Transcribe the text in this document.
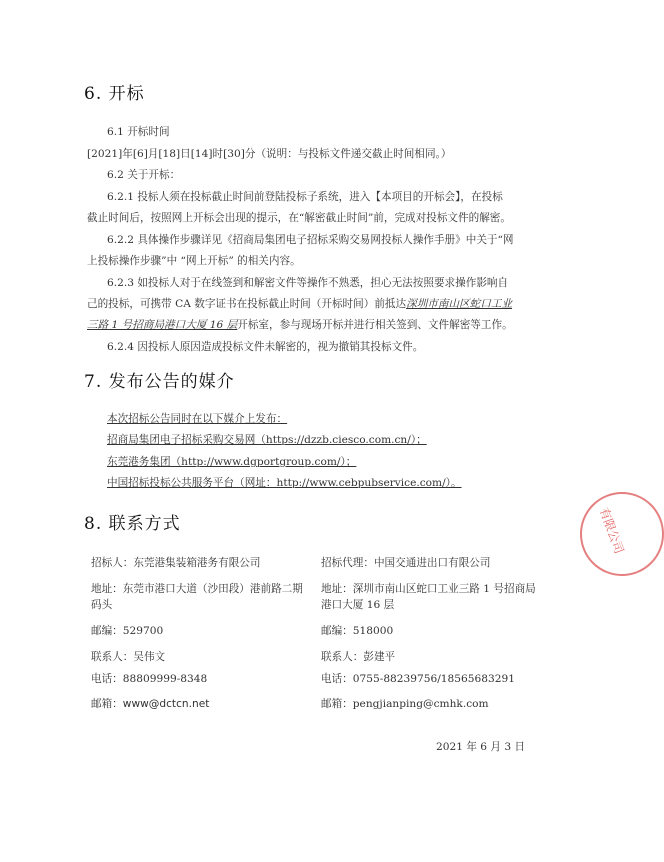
6. 开标
6.1 开标时间
[2021]年[6]月[18]日[14]时[30]分（说明：与投标文件递交截止时间相同。）
6.2 关于开标：
6.2.1 投标人须在投标截止时间前登陆投标子系统，进入【本项目的开标会】，在投标
截止时间后，按照网上开标会出现的提示，在“解密截止时间”前，完成对投标文件的解密。
6.2.2 具体操作步骤详见《招商局集团电子招标采购交易网投标人操作手册》中关于“网
上投标操作步骤”中 “网上开标” 的相关内容。
6.2.3 如投标人对于在线签到和解密文件等操作不熟悉，担心无法按照要求操作影响自
己的投标，可携带 CA 数字证书在投标截止时间（开标时间）前抵达深圳市南山区蛇口工业
三路 1 号招商局港口大厦 16 层开标室，参与现场开标并进行相关签到、文件解密等工作。
6.2.4 因投标人原因造成投标文件未解密的，视为撤销其投标文件。
7. 发布公告的媒介
本次招标公告同时在以下媒介上发布：
招商局集团电子招标采购交易网（https://dzzb.ciesco.com.cn/）；
东莞港务集团（http://www.dgportgroup.com/）；
中国招标投标公共服务平台（网址：http://www.cebpubservice.com/）。
8. 联系方式
招标人：东莞港集装箱港务有限公司
地址：东莞市港口大道（沙田段）港前路二期
码头
邮编：529700
联系人：吴伟文
电话：88809999-8348
邮箱：www@dctcn.net
招标代理：中国交通进出口有限公司
地址：深圳市南山区蛇口工业三路 1 号招商局
港口大厦 16 层
邮编：518000
联系人：彭建平
电话：0755-88239756/18565683291
邮箱：pengjianping@cmhk.com
2021 年 6 月 3 日
有限公司
